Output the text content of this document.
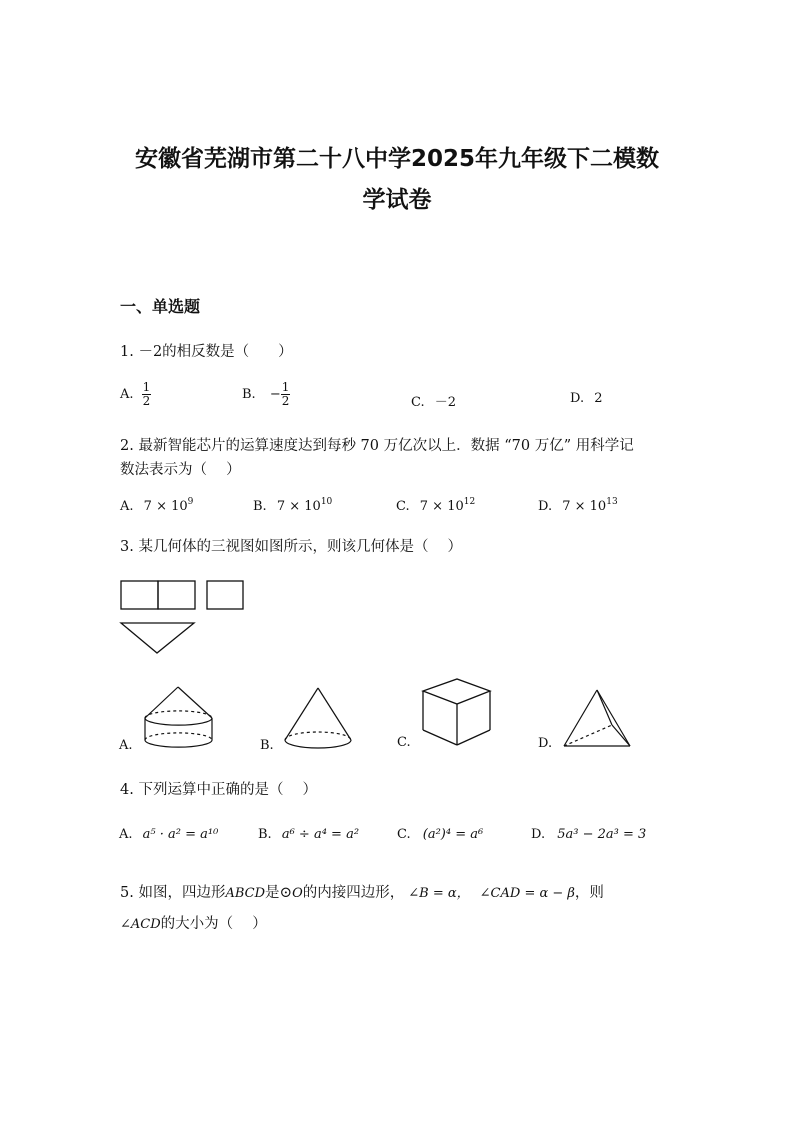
安徽省芜湖市第二十八中学2025年九年级下二模数
学试卷
一、单选题
1. －2的相反数是（　　）
A. $\frac{1}{2}$	B. − $\frac{1}{2}$	C. －2	D. 2
2. 最新智能芯片的运算速度达到每秒 70 万亿次以上．数据 “70 万亿” 用科学记
数法表示为（　 ）
A. $7 \times 10^9$	B. $7 \times 10^{10}$	C. $7 \times 10^{12}$	D. $7 \times 10^{13}$
3. 某几何体的三视图如图所示，则该几何体是（　 ）
A.	B.	C.	D.
4. 下列运算中正确的是（　 ）
A. a⁵ · a² = a¹⁰	B. a⁶ ÷ a⁴ = a²	C. (a²)⁴ = a⁶	D. 5a³ − 2a³ = 3
5. 如图，四边形ABCD是⊙O的内接四边形， ∠B = α， ∠CAD = α − β，则
∠ACD的大小为（　 ）
